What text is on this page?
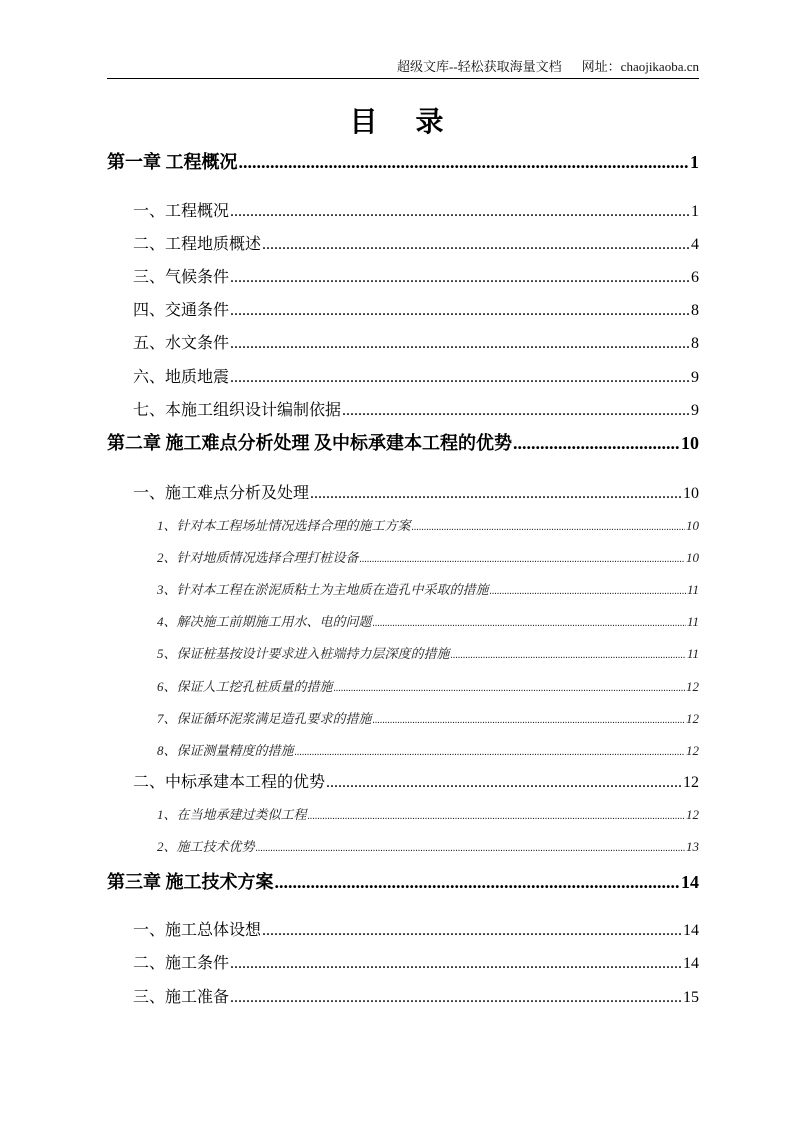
超级文库--轻松获取海量文档 网址：chaojikaoba.cn
目 录
第一章 工程概况 .....	1
一、工程概况 .....	1
二、工程地质概述 .....	4
三、气候条件 .....	6
四、交通条件 .....	8
五、水文条件 .....	8
六、地质地震 .....	9
七、本施工组织设计编制依据 .....	9
第二章 施工难点分析处理 及中标承建本工程的优势 .....	10
一、施工难点分析及处理 .....	10
1、针对本工程场址情况选择合理的施工方案 .....	10
2、针对地质情况选择合理打桩设备 .....	10
3、针对本工程在淤泥质粘土为主地质在造孔中采取的措施 .....	11
4、解决施工前期施工用水、电的问题 .....	11
5、保证桩基按设计要求进入桩端持力层深度的措施 .....	11
6、保证人工挖孔桩质量的措施 .....	12
7、保证循环泥浆满足造孔要求的措施 .....	12
8、保证测量精度的措施 .....	12
二、中标承建本工程的优势 .....	12
1、在当地承建过类似工程 .....	12
2、施工技术优势 .....	13
第三章 施工技术方案 .....	14
一、施工总体设想 .....	14
二、施工条件 .....	14
三、施工准备 .....	15
